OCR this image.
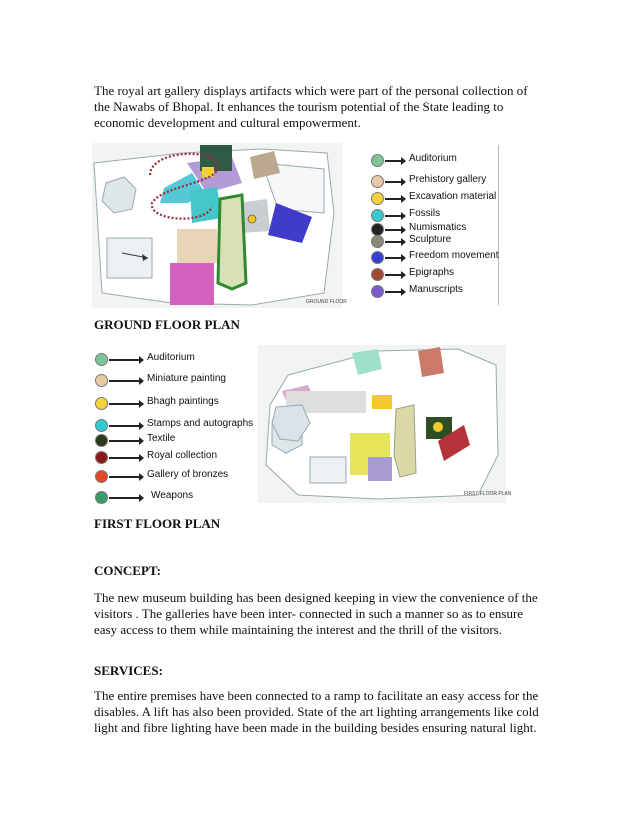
The royal art gallery displays artifacts which were part of the personal collection of the Nawabs of Bhopal. It enhances the tourism potential of the State leading to economic development and cultural empowerment.

GROUND FLOOR
Auditorium
Prehistory gallery
Excavation material
Fossils
Numismatics
Sculpture
Freedom movement
Epigraphs
Manuscripts
GROUND FLOOR PLAN
Auditorium
Miniature painting
Bhagh paintings
Stamps and autographs
Textile
Royal collection
Gallery of bronzes
Weapons	FIRST FLOOR PLAN
FIRST FLOOR PLAN
CONCEPT:

The new museum building has been designed keeping in view the convenience of the visitors . The galleries have been inter- connected in such a manner so as to ensure easy access to them while maintaining the interest and the thrill of the visitors.

SERVICES:

The entire premises have been connected to a ramp to facilitate an easy access for the disables. A lift has also been provided. State of the art lighting arrangements like cold light and fibre lighting have been made in the building besides ensuring natural light.
